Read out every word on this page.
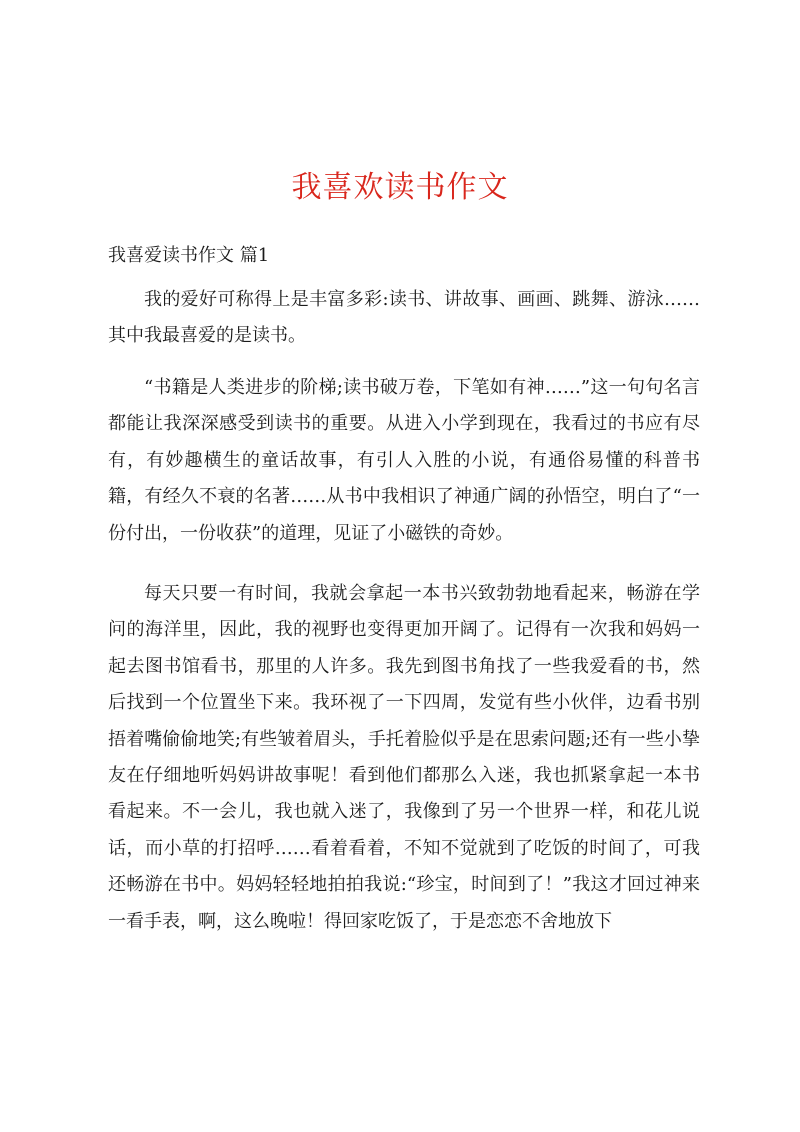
我喜欢读书作文

我喜爱读书作文 篇1

我的爱好可称得上是丰富多彩:读书、讲故事、画画、跳舞、游泳……其中我最喜爱的是读书。

“书籍是人类进步的阶梯;读书破万卷，下笔如有神……”这一句句名言都能让我深深感受到读书的重要。从进入小学到现在，我看过的书应有尽有，有妙趣横生的童话故事，有引人入胜的小说，有通俗易懂的科普书籍，有经久不衰的名著……从书中我相识了神通广阔的孙悟空，明白了“一份付出，一份收获”的道理，见证了小磁铁的奇妙。

每天只要一有时间，我就会拿起一本书兴致勃勃地看起来，畅游在学问的海洋里，因此，我的视野也变得更加开阔了。记得有一次我和妈妈一起去图书馆看书，那里的人许多。我先到图书角找了一些我爱看的书，然后找到一个位置坐下来。我环视了一下四周，发觉有些小伙伴，边看书别捂着嘴偷偷地笑;有些皱着眉头，手托着脸似乎是在思索问题;还有一些小挚友在仔细地听妈妈讲故事呢！看到他们都那么入迷，我也抓紧拿起一本书看起来。不一会儿，我也就入迷了，我像到了另一个世界一样，和花儿说话，而小草的打招呼……看着看着，不知不觉就到了吃饭的时间了，可我还畅游在书中。妈妈轻轻地拍拍我说:“珍宝，时间到了！”我这才回过神来一看手表，啊，这么晚啦！得回家吃饭了，于是恋恋不舍地放下
